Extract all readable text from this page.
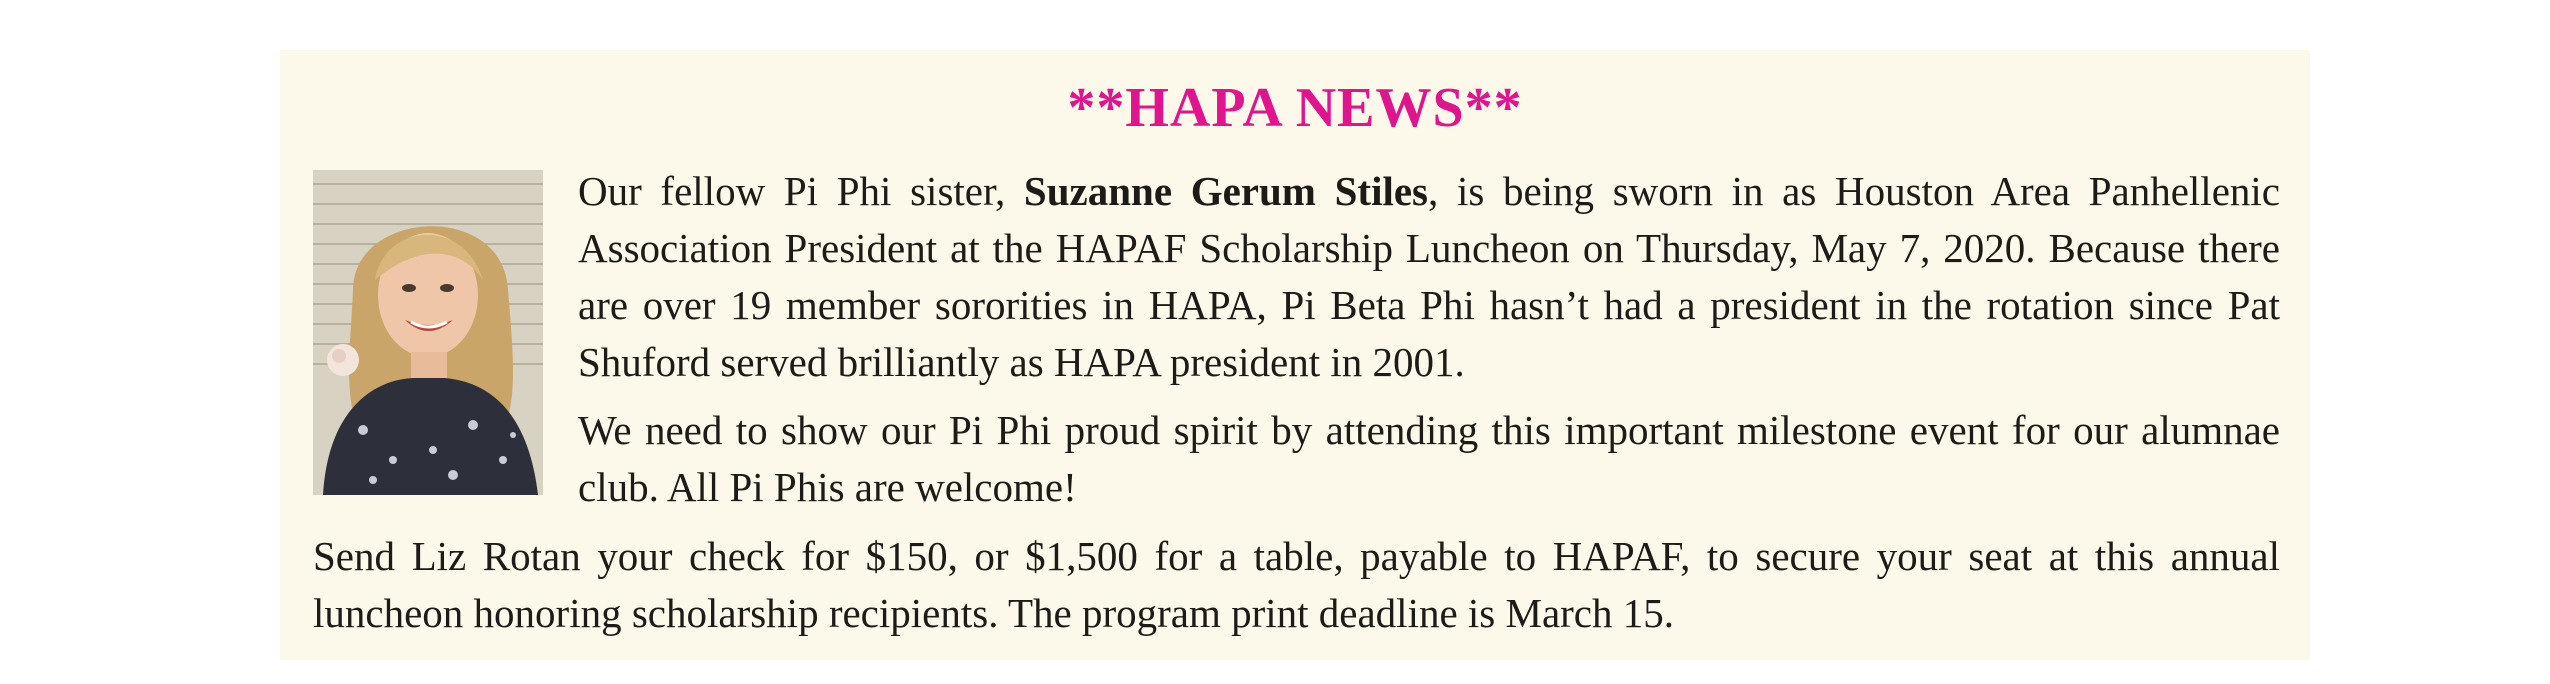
**HAPA NEWS**

Our fellow Pi Phi sister, Suzanne Gerum Stiles, is being sworn in as Houston Area Panhellenic Association President at the HAPAF Scholarship Luncheon on Thursday, May 7, 2020. Because there are over 19 member sororities in HAPA, Pi Beta Phi hasn’t had a president in the rotation since Pat Shuford served brilliantly as HAPA president in 2001.

We need to show our Pi Phi proud spirit by attending this important milestone event for our alumnae club. All Pi Phis are welcome!

Send Liz Rotan your check for $150, or $1,500 for a table, payable to HAPAF, to secure your seat at this annual luncheon honoring scholarship recipients. The program print deadline is March 15.
